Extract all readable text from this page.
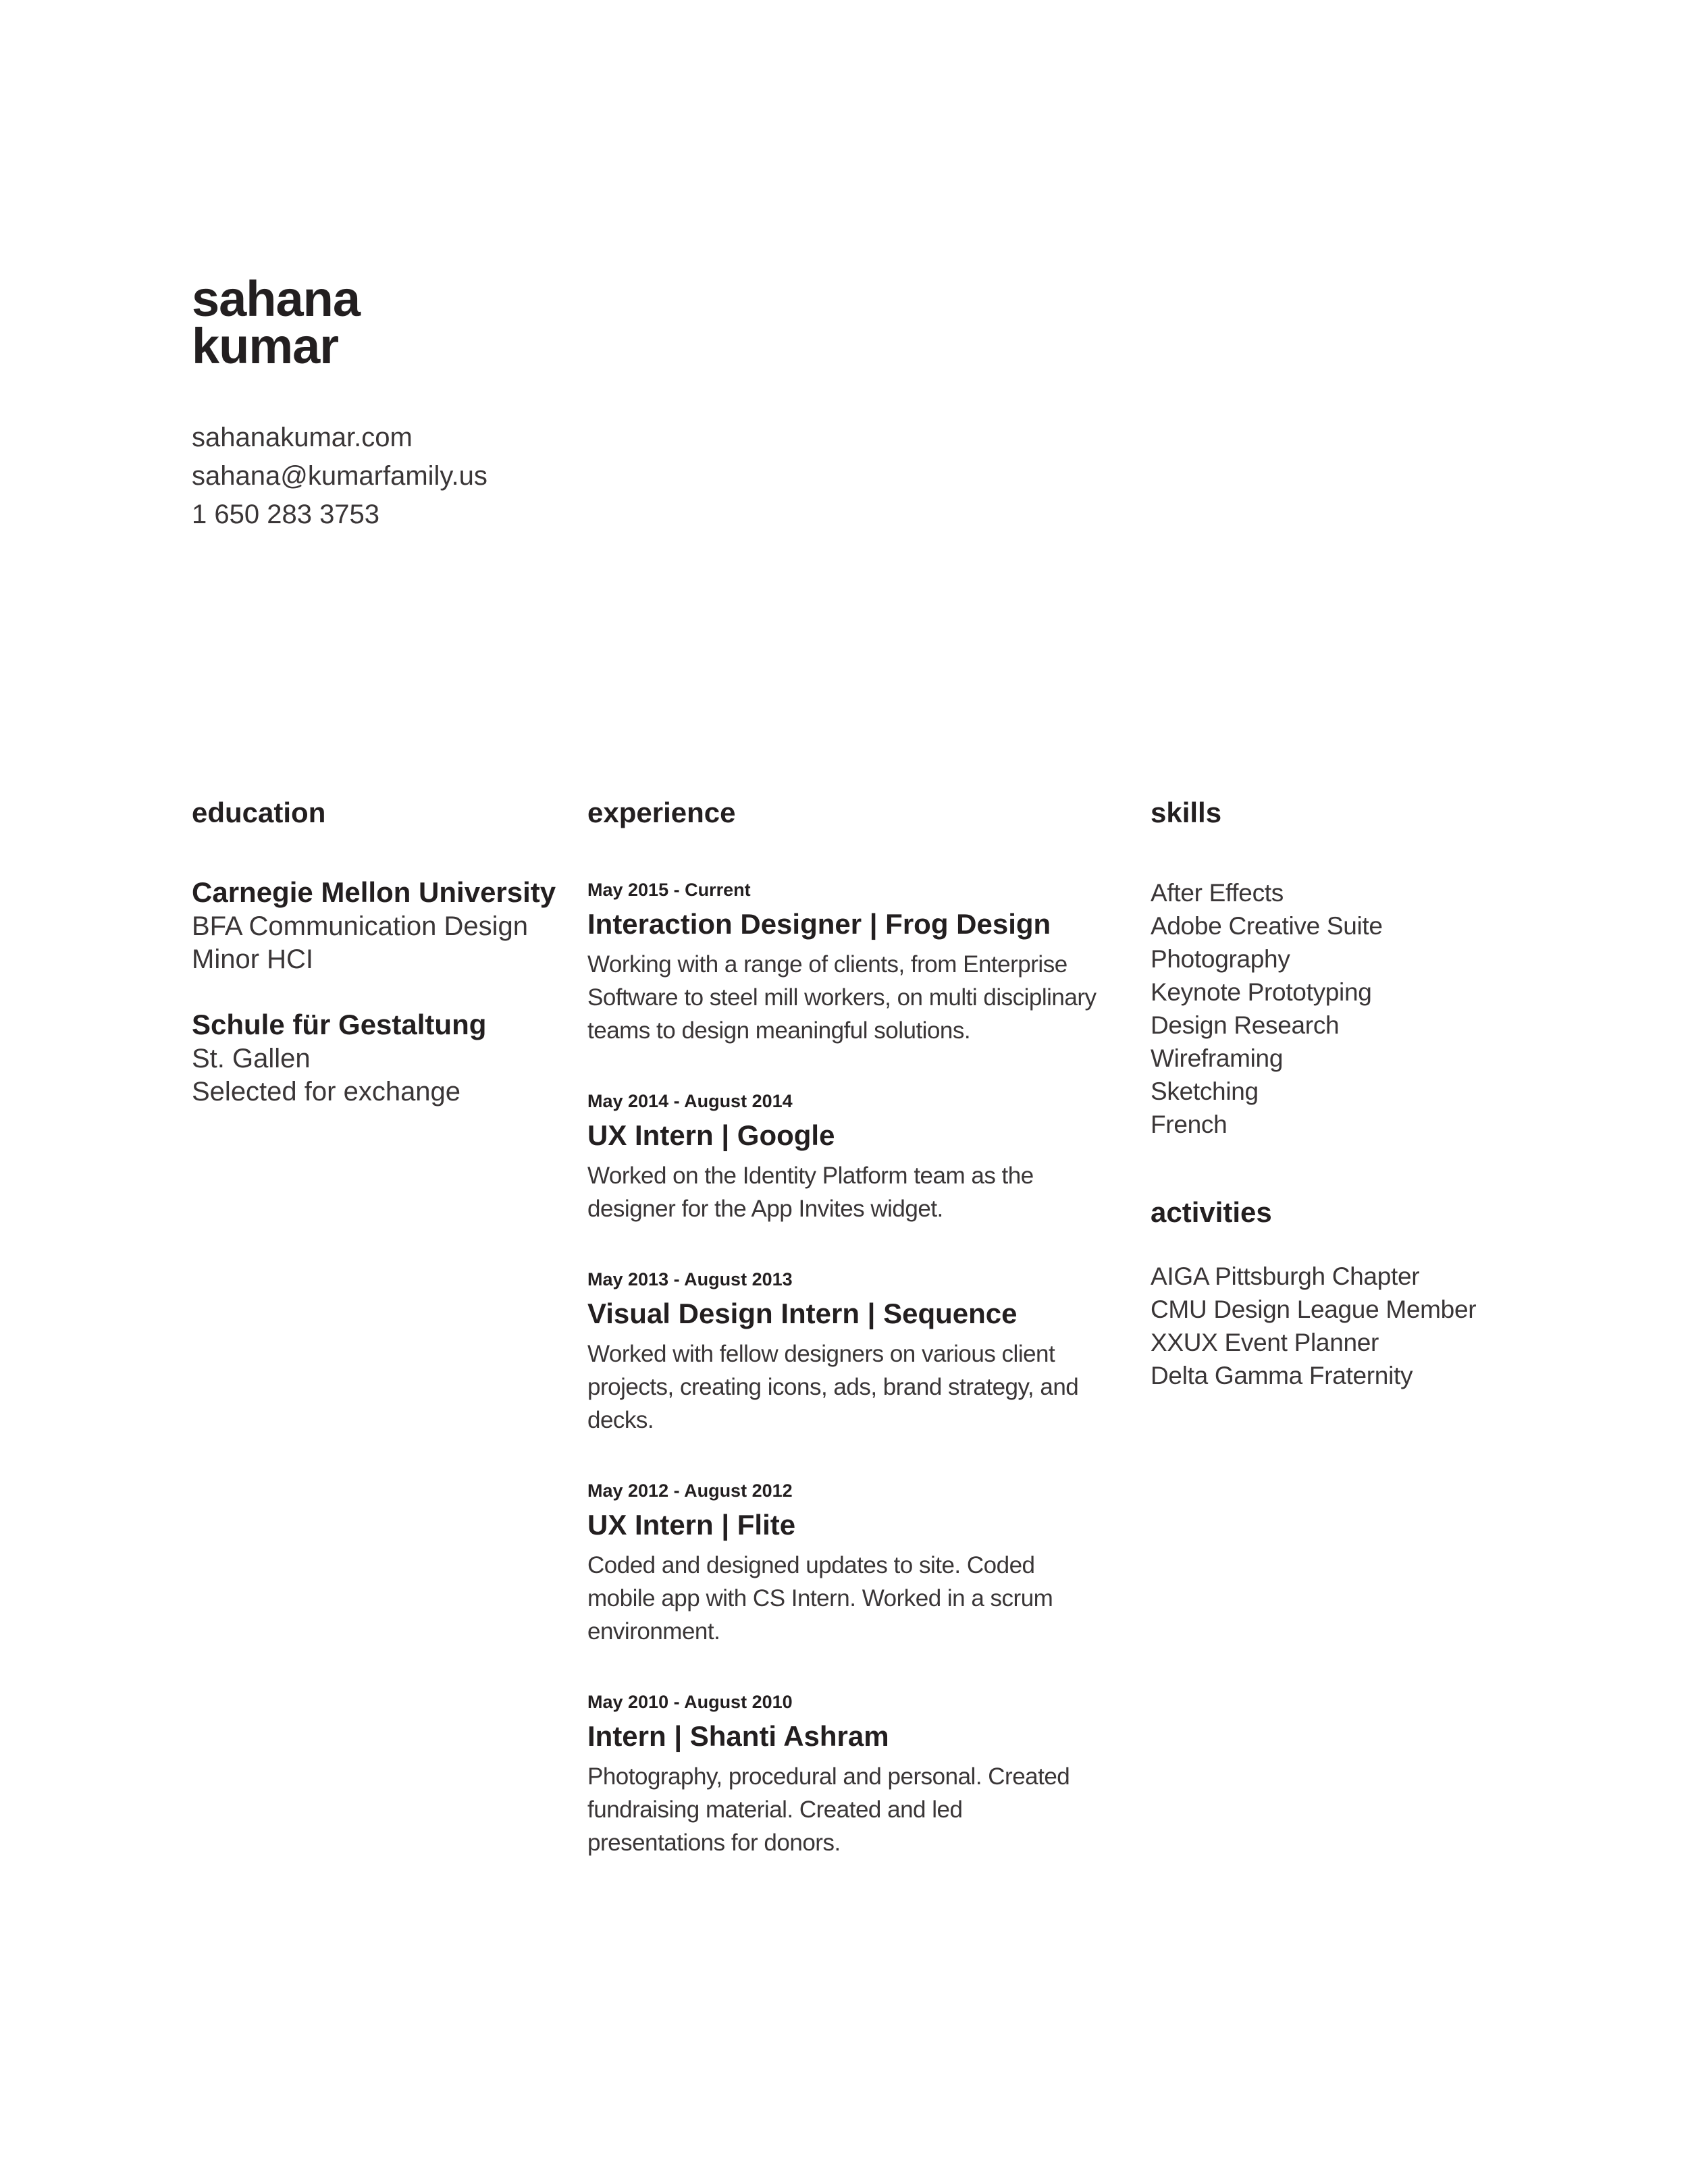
sahana
kumar
sahanakumar.com
sahana@kumarfamily.us
1 650 283 3753
education	experience	skills
Carnegie Mellon University
BFA Communication Design
Minor HCI
Schule für Gestaltung
St. Gallen
Selected for exchange
May 2015 - Current
Interaction Designer | Frog Design
Working with a range of clients, from Enterprise Software to steel mill workers, on multi disciplinary teams to design meaningful solutions.
May 2014 - August 2014
UX Intern | Google
Worked on the Identity Platform team as the designer for the App Invites widget.
May 2013 - August 2013
Visual Design Intern | Sequence
Worked with fellow designers on various client projects, creating icons, ads, brand strategy, and decks.
May 2012 - August 2012
UX Intern | Flite
Coded and designed updates to site. Coded mobile app with CS Intern. Worked in a scrum environment.
May 2010 - August 2010
Intern | Shanti Ashram
Photography, procedural and personal. Created fundraising material. Created and led presentations for donors.
After Effects
Adobe Creative Suite
Photography
Keynote Prototyping
Design Research
Wireframing
Sketching
French
activities
AIGA Pittsburgh Chapter
CMU Design League Member
XXUX Event Planner
Delta Gamma Fraternity
